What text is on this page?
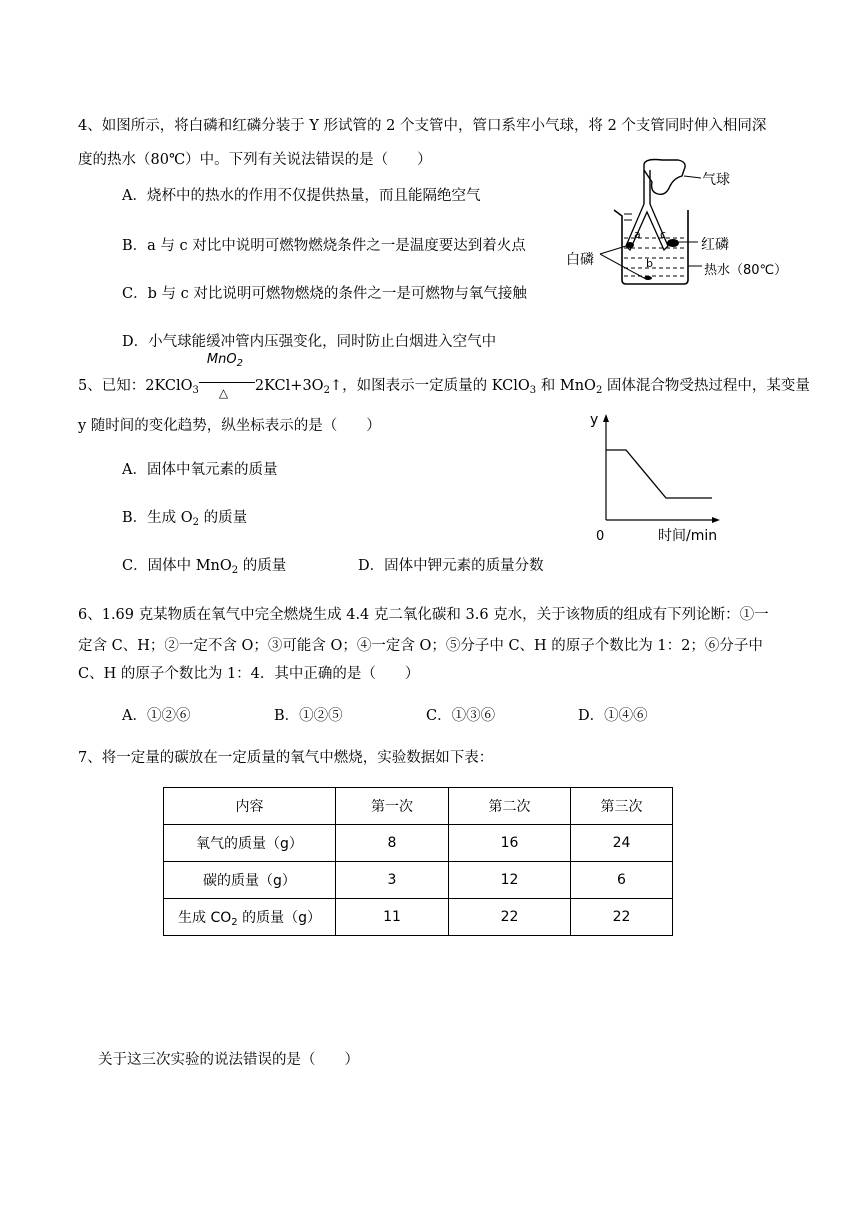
4、如图所示，将白磷和红磷分装于 Y 形试管的 2 个支管中，管口系牢小气球，将 2 个支管同时伸入相同深
度的热水（80℃）中。下列有关说法错误的是（　　）
A．烧杯中的热水的作用不仅提供热量，而且能隔绝空气
B．a 与 c 对比中说明可燃物燃烧条件之一是温度要达到着火点
C．b 与 c 对比说明可燃物燃烧的条件之一是可燃物与氧气接触
D．小气球能缓冲管内压强变化，同时防止白烟进入空气中
气球
a c
b
红磷
白磷
热水（80℃）
5、已知：2KClO$_3$
MnO$_2$
△ $2KCl+3O_2↑$，如图表示一定质量的 KClO$_3$ 和 MnO$_2$ 固体混合物受热过程中，某变量
y 随时间的变化趋势，纵坐标表示的是（　　）
A．固体中氧元素的质量
B．生成 $O_2$ 的质量
C．固体中 MnO$_2$ 的质量	D．固体中钾元素的质量分数
y
0	时间/min
6、1.69 克某物质在氧气中完全燃烧生成 4.4 克二氧化碳和 3.6 克水，关于该物质的组成有下列论断：①一
定含 C、H；②一定不含 O；③可能含 O；④一定含 O；⑤分子中 C、H 的原子个数比为 1：2；⑥分子中
C、H 的原子个数比为 1：4．其中正确的是（　　）
A．①②⑥	B．①②⑤	C．①③⑥	D．①④⑥
7、将一定量的碳放在一定质量的氧气中燃烧，实验数据如下表：
内容	第一次	第二次	第三次
氧气的质量（g）	8	16	24
碳的质量（g）	3	12	6
生成 $CO_2$ 的质量（g）	11	22	22
关于这三次实验的说法错误的是（　　）
